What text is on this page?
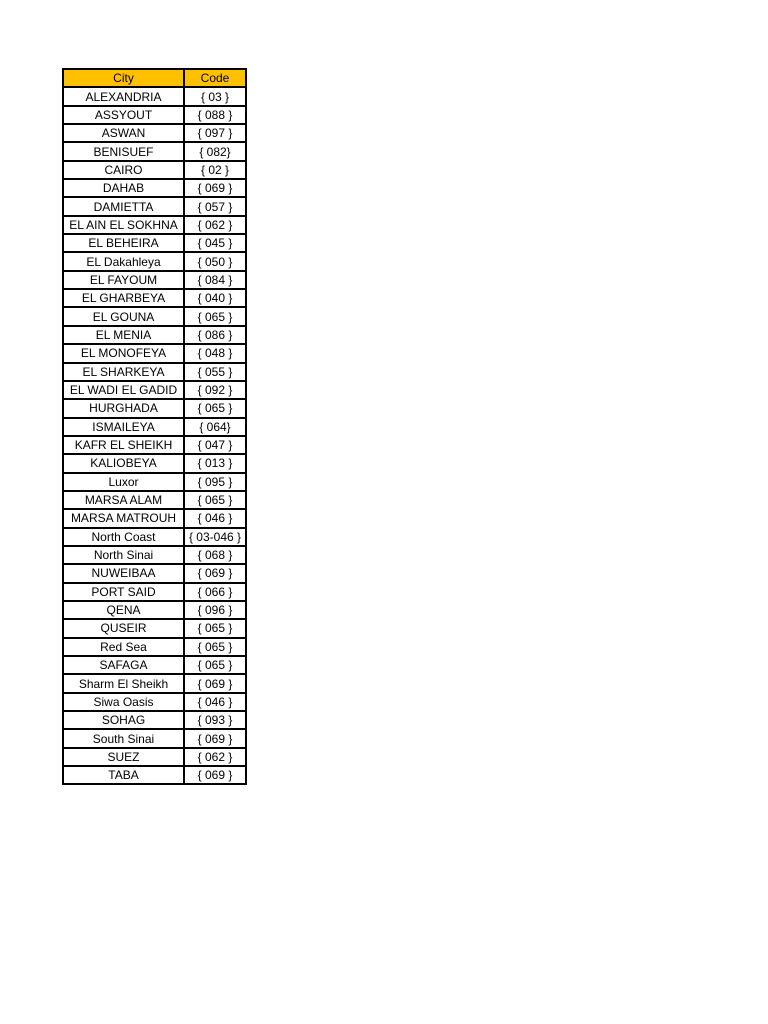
City	Code
ALEXANDRIA	{ 03 }
ASSYOUT	{ 088 }
ASWAN	{ 097 }
BENISUEF	{ 082}
CAIRO	{ 02 }
DAHAB	{ 069 }
DAMIETTA	{ 057 }
EL AIN EL SOKHNA	{ 062 }
EL BEHEIRA	{ 045 }
EL Dakahleya	{ 050 }
EL FAYOUM	{ 084 }
EL GHARBEYA	{ 040 }
EL GOUNA	{ 065 }
EL MENIA	{ 086 }
EL MONOFEYA	{ 048 }
EL SHARKEYA	{ 055 }
EL WADI EL GADID	{ 092 }
HURGHADA	{ 065 }
ISMAILEYA	{ 064}
KAFR EL SHEIKH	{ 047 }
KALIOBEYA	{ 013 }
Luxor	{ 095 }
MARSA ALAM	{ 065 }
MARSA MATROUH	{ 046 }
North Coast	{ 03-046 }
North Sinai	{ 068 }
NUWEIBAA	{ 069 }
PORT SAID	{ 066 }
QENA	{ 096 }
QUSEIR	{ 065 }
Red Sea	{ 065 }
SAFAGA	{ 065 }
Sharm El Sheikh	{ 069 }
Siwa Oasis	{ 046 }
SOHAG	{ 093 }
South Sinai	{ 069 }
SUEZ	{ 062 }
TABA	{ 069 }
